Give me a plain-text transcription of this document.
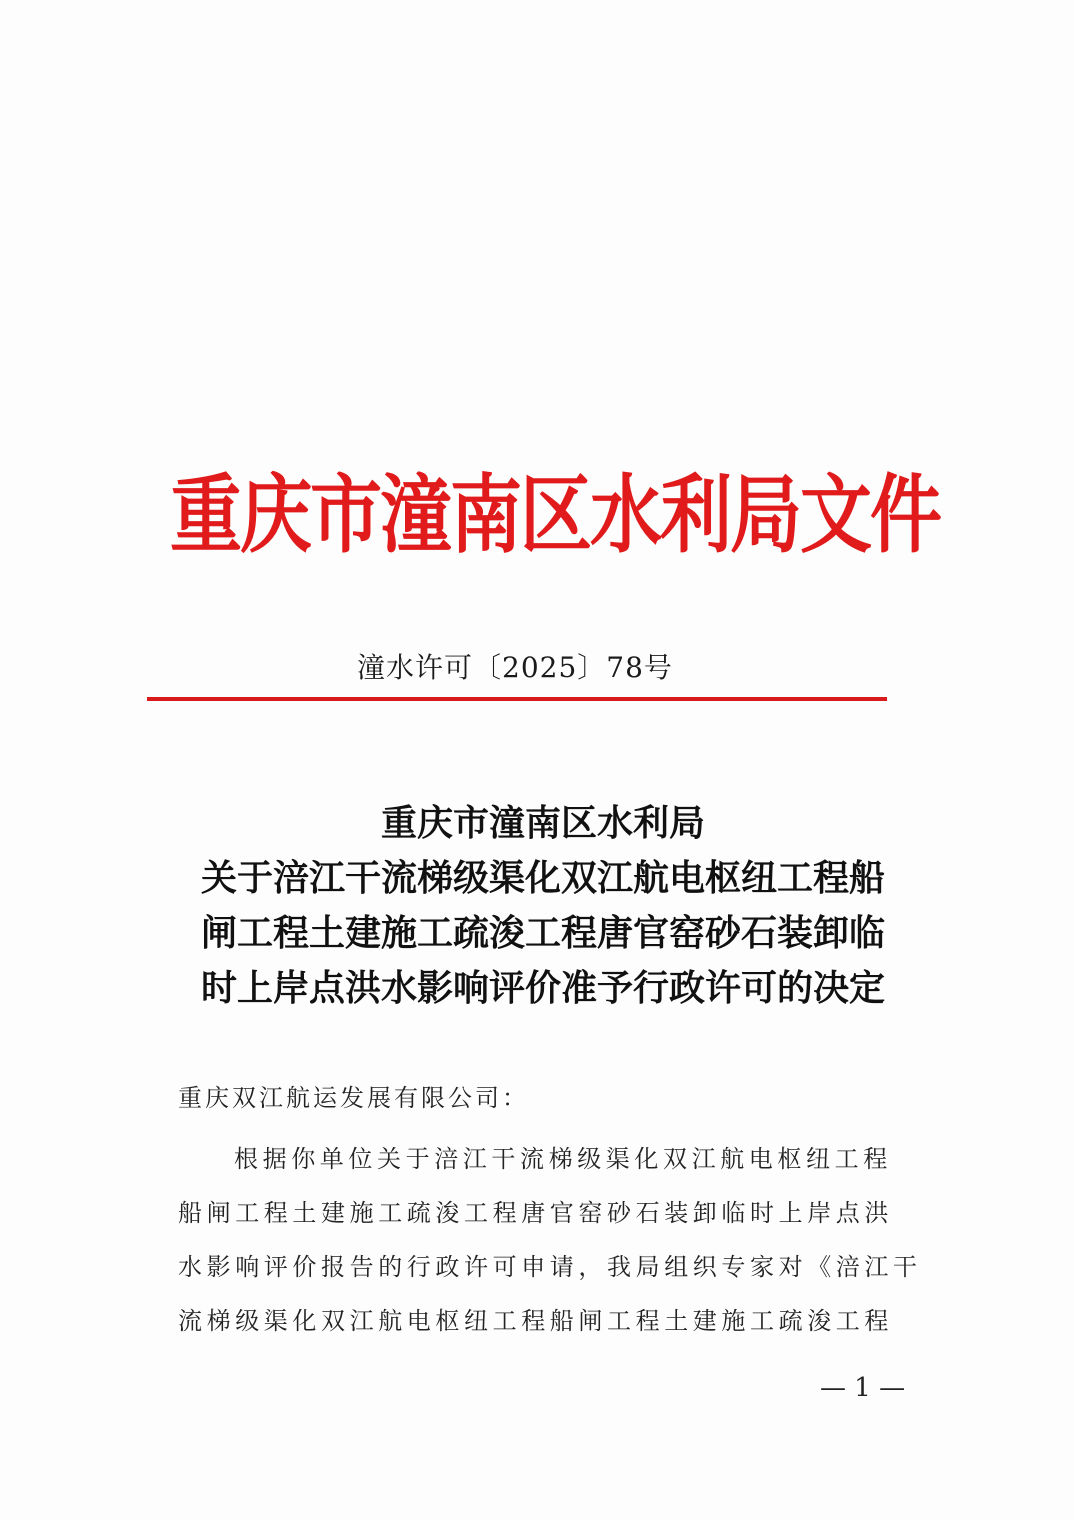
重庆市潼南区水利局文件
潼水许可〔2025〕78号
重庆市潼南区水利局
关于涪江干流梯级渠化双江航电枢纽工程船
闸工程土建施工疏浚工程唐官窑砂石装卸临
时上岸点洪水影响评价准予行政许可的决定
重庆双江航运发展有限公司：
根据你单位关于涪江干流梯级渠化双江航电枢纽工程
船闸工程土建施工疏浚工程唐官窑砂石装卸临时上岸点洪
水影响评价报告的行政许可申请，我局组织专家对《涪江干
流梯级渠化双江航电枢纽工程船闸工程土建施工疏浚工程
— 1 —
